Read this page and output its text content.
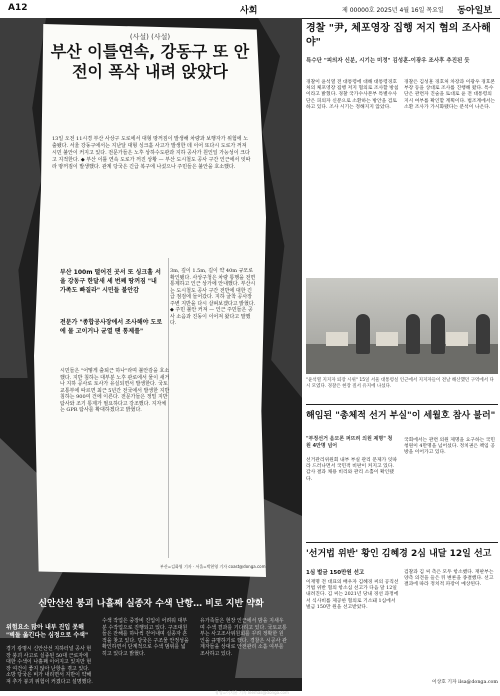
A12	사회	제 00000호 2025년 4월 16일 목요일 동아일보
(사설) (사설)
부산 이틀연속, 강동구 또 안전이 폭삭 내려 앉았다
13일 오전 11시경 부산 사상구 도로에서 대형 땅꺼짐이 발생해 차량과 보행자가 위험에 노출됐다. 서울 강동구에서는 지난달 대형 싱크홀 사고가 발생한 데 이어 또다시 도로가 꺼져 시민 불안이 커지고 있다. 전문가들은 노후 상하수도관과 지하 공사가 원인일 가능성이 크다고 지적한다. ◆ 부산 이틀 연속 도로가 꺼진 상황 — 부산 도시철도 공사 구간 인근에서 잇따라 땅꺼짐이 발생했다. 관계 당국은 긴급 복구에 나섰으나 주민들은 불안을 호소했다.
부산 100m 떨어진 곳서 또 싱크홀 서울 강동구 한달새 세 번째 땅꺼짐 "내 가족도 빠질라" 시민들 불안감
전문가 "종합공사장에서 조사해야 도로에 물 고이거나 균열 땐 통제를"
시민들은 "어떻게 출퇴근 하나"라며 불안감을 호소했다. 지반 침하는 대부분 노후 관로에서 물이 새거나 지하 공사로 토사가 유실되면서 발생한다. 국토교통부에 따르면 최근 5년간 전국에서 발생한 지반 침하는 900여 건에 이른다. 전문가들은 정밀 지반 탐사와 조기 통제가 필요하다고 강조했다. 지자체는 GPR 탐사를 확대하겠다고 밝혔다.
3m, 깊이 1.5m, 길이 약 40m 규모로 확인됐다. 사상구청은 차량 통행을 전면 통제하고 인근 상가에 안내했다. 부산시는 도시철도 공사 구간 전반에 대한 긴급 점검에 들어갔다. 지하 굴착 공사장 주변 지반을 다시 살펴보겠다고 밝혔다. ◆ 주민 불안 커져 — 인근 주민들은 공사 소음과 진동이 이어져 왔다고 말했다.
부산=김화영 기자 · 서울=박현영 기자 coast@donga.com
신안산선 붕괴 나흘째 실종자 수색 난항… 비로 지반 약화
위험요소 많아 내부 진입 못해 "벽돌 옮긴다는 심정으로 수색"
경기 광명시 신안산선 지하터널 공사 현장 붕괴 사고로 실종된 50대 근로자에 대한 수색이 나흘째 이어지고 있지만 현장 여건이 좋지 않아 난항을 겪고 있다. 소방 당국은 비가 내리면서 지반이 약해져 추가 붕괴 위험이 커졌다고 설명했다.
수색 작업은 중장비 진입이 어려워 대부분 수작업으로 진행되고 있다. 구조대원들은 잔해를 하나씩 걷어내며 실종자 흔적을 찾고 있다. 당국은 구조물 안정성을 확인하면서 단계적으로 수색 범위를 넓히고 있다고 밝혔다.
유가족들은 현장 인근에서 밤을 지새우며 수색 결과를 기다리고 있다. 국토교통부는 사고조사위원회를 꾸려 정확한 원인을 규명하기로 했다. 경찰은 시공사 관계자들을 상대로 안전관리 소홀 여부를 조사하고 있다.
광명=이지윤 기자 leemail@donga.com
경찰 "尹, 체포영장 집행 저지 혐의 조사해야"
특수단 "피의자 신분, 시기는 미정" 김성훈-이광우 조사후 추진된 듯
경찰이 윤석열 전 대통령에 대해 대통령경호처의 체포영장 집행 저지 혐의로 조사할 방침이라고 밝혔다. 경찰 국가수사본부 특별수사단은 피의자 신분으로 소환하는 방안을 검토하고 있다. 조사 시기는 정해지지 않았다.
경찰은 김성훈 경호처 차장과 이광우 경호본부장 등을 상대로 조사를 진행해 왔다. 특수단은 관련자 진술을 토대로 윤 전 대통령의 지시 여부를 확인할 계획이다. 법조계에서는 소환 조사가 가시화됐다는 분석이 나온다.
"윤석열 지지자 퇴장 시위" 15일 서울 대통령실 인근에서 지지자들이 전날 해산했던 구역에서 다시 모였다. 경찰은 현장 질서 유지에 나섰다.
해임된 "총체적 선거 부실"이 세월호 참사 불러"
"부정선거 음모론 퍼뜨려 의원 제명" 청원 4만명 넘어
선거관리위원회 내부 부실 관리 문제가 잇따라 드러나면서 국민적 비판이 커지고 있다. 감사 결과 채용 비리와 관리 소홀이 확인됐다.
국회에서는 관련 의원 제명을 요구하는 국민청원이 4만명을 넘어섰다. 정치권은 책임 공방을 이어가고 있다.
'선거법 위반' 황인 김혜경 2심 내달 12일 선고
1심 벌금 150만원 선고
이재명 전 대표의 배우자 김혜경 씨의 공직선거법 위반 혐의 항소심 선고가 다음 달 12일 내려진다. 김 씨는 2021년 당내 경선 과정에서 식사비를 제공한 혐의로 기소돼 1심에서 벌금 150만 원을 선고받았다.
검찰과 김 씨 측은 모두 항소했다. 재판부는 양측 의견을 들은 뒤 변론을 종결했다. 선고 결과에 따라 정치적 파장이 예상된다.
이상호 기자 ilsa@donga.com
